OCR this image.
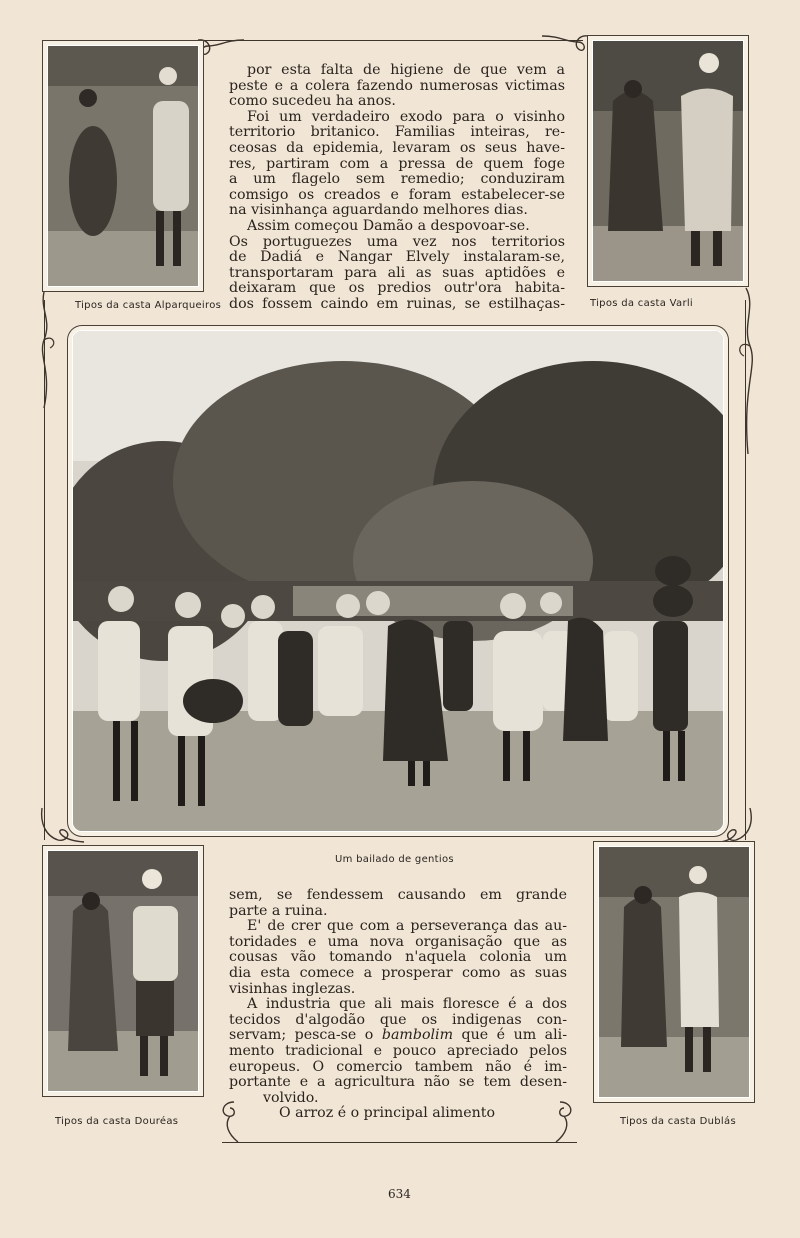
Tipos da casta Alparqueiros	Tipos da casta Varli

por esta falta de higiene de que vem a

peste e a colera fazendo numerosas victimas

como sucedeu ha anos.

Foi um verdadeiro exodo para o visinho

territorio britanico. Familias inteiras, re-

ceosas da epidemia, levaram os seus have-

res, partiram com a pressa de quem foge

a um flagelo sem remedio; conduziram

comsigo os creados e foram estabelecer-se

na visinhança aguardando melhores dias.

Assim começou Damão a despovoar-se.

Os portuguezes uma vez nos territorios

de Dadiá e Nangar Elvely instalaram-se,

transportaram para ali as suas aptidões e

deixaram que os predios outr'ora habita-

dos fossem caindo em ruinas, se estilhaças-

Um bailado de gentios
Tipos da casta Douréas	Tipos da casta Dublás

sem, se fendessem causando em grande

parte a ruina.

E' de crer que com a perseverança das au-

toridades e uma nova organisação que as

cousas vão tomando n'aquela colonia um

dia esta comece a prosperar como as suas

visinhas inglezas.

A industria que ali mais floresce é a dos

tecidos d'algodão que os indigenas con-

servam; pesca-se o bambolim que é um ali-

mento tradicional e pouco apreciado pelos

europeus. O comercio tambem não é im-

portante e a agricultura não se tem desen-

volvido.

O arroz é o principal alimento

634
